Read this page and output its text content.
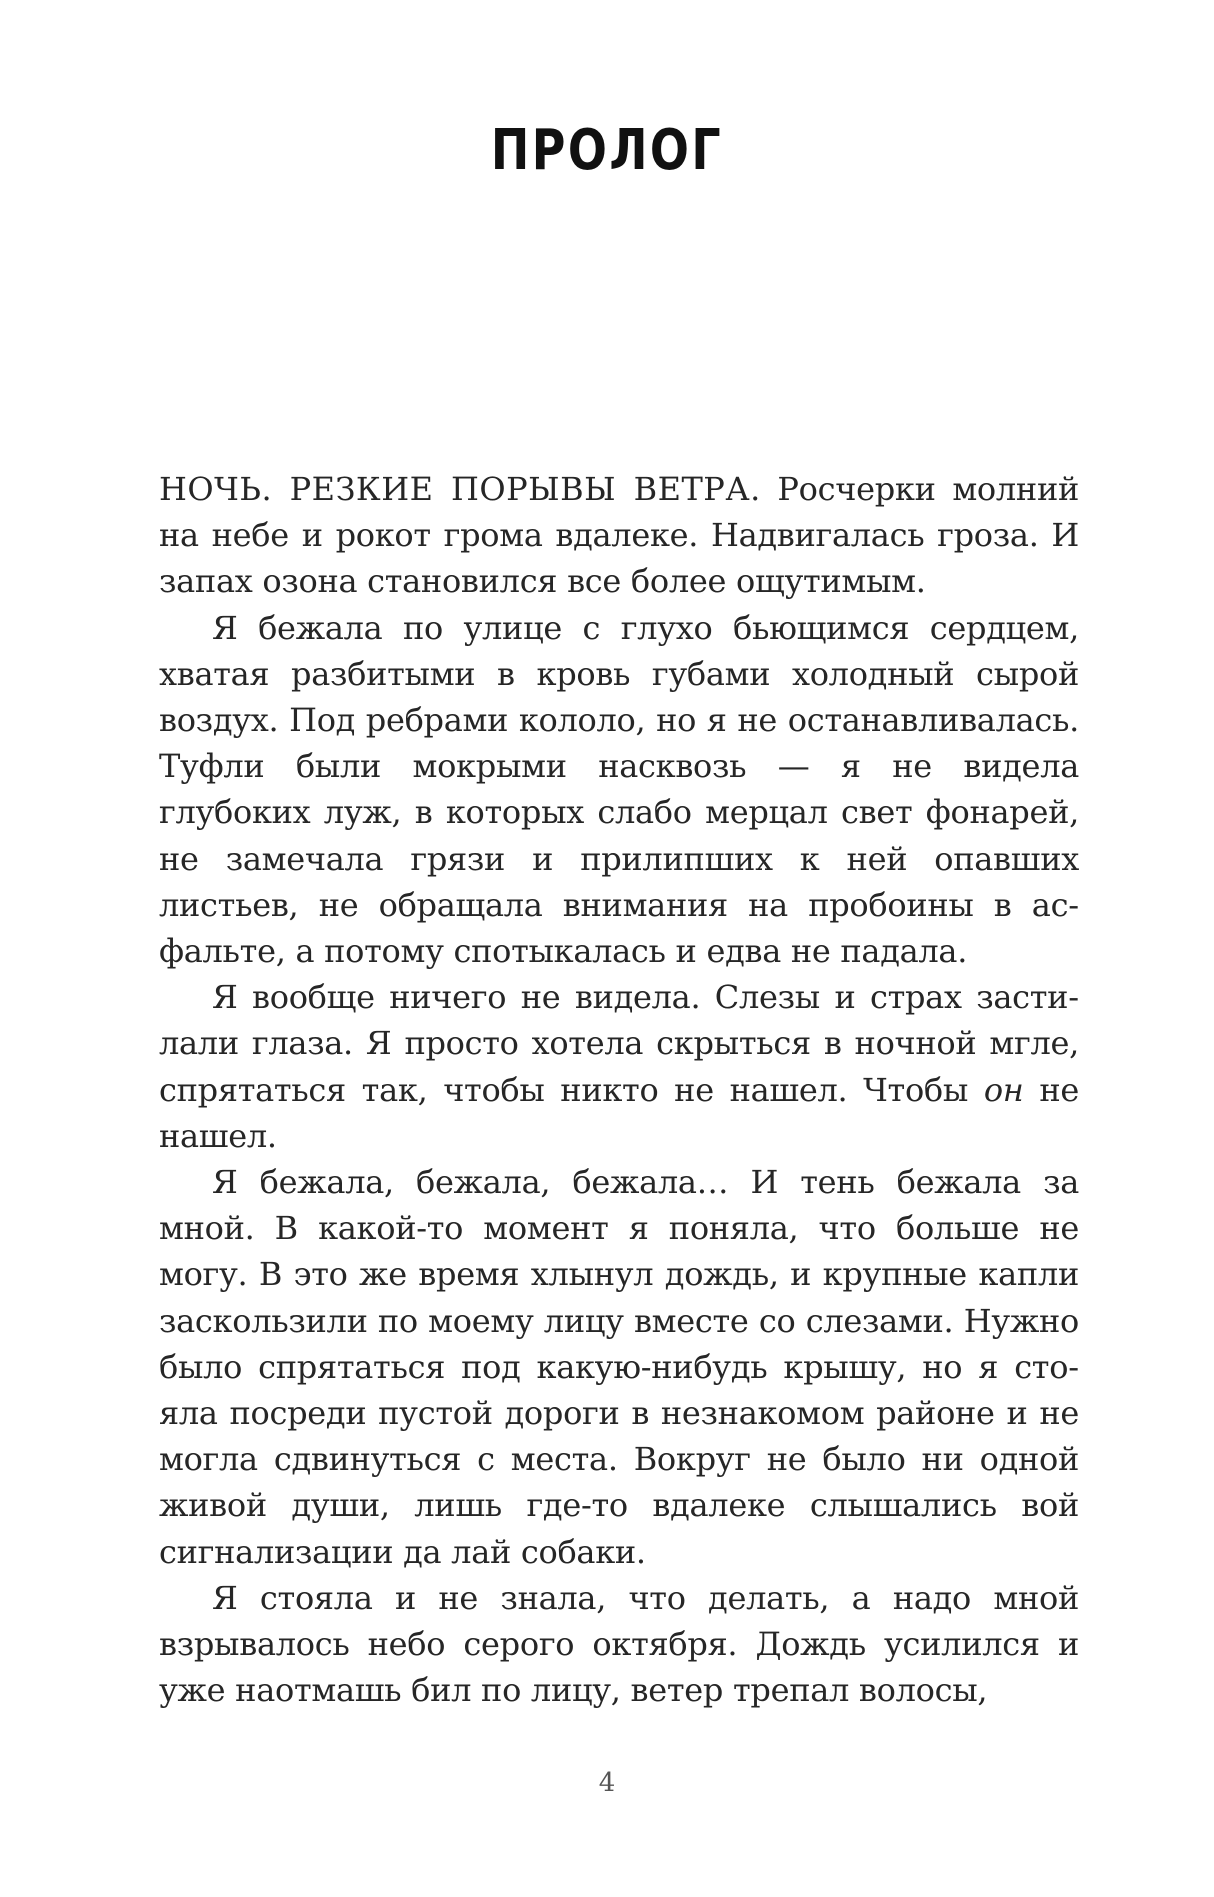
ПРОЛОГ

НОЧЬ. РЕЗКИЕ ПОРЫВЫ ВЕТРА. Росчерки молний на небе и рокот грома вдалеке. Надвигалась гроза. И запах озона становился все более ощутимым.

Я бежала по улице с глухо бьющимся сердцем, хватая разбитыми в кровь губами холодный сырой воздух. Под ребрами кололо, но я не останавливалась. Туфли были мокрыми насквозь — я не видела глубоких луж, в которых слабо мерцал свет фонарей, не замечала грязи и прилипших к ней опавших листьев, не обращала внимания на пробоины в асфальте, а потому спотыкалась и едва не падала.

Я вообще ничего не видела. Слезы и страх застилали глаза. Я просто хотела скрыться в ночной мгле, спрятаться так, чтобы никто не нашел. Чтобы он не нашел.

Я бежала, бежала, бежала… И тень бежала за мной. В какой-то момент я поняла, что больше не могу. В это же время хлынул дождь, и крупные капли заскользили по моему лицу вместе со слезами. Нужно было спрятаться под какую-нибудь крышу, но я стояла посреди пустой дороги в незнакомом районе и не могла сдвинуться с места. Вокруг не было ни одной живой души, лишь где-то вдалеке слышались вой сигнализации да лай собаки.

Я стояла и не знала, что делать, а надо мной взрывалось небо серого октября. Дождь усилился и уже наотмашь бил по лицу, ветер трепал волосы,

4
